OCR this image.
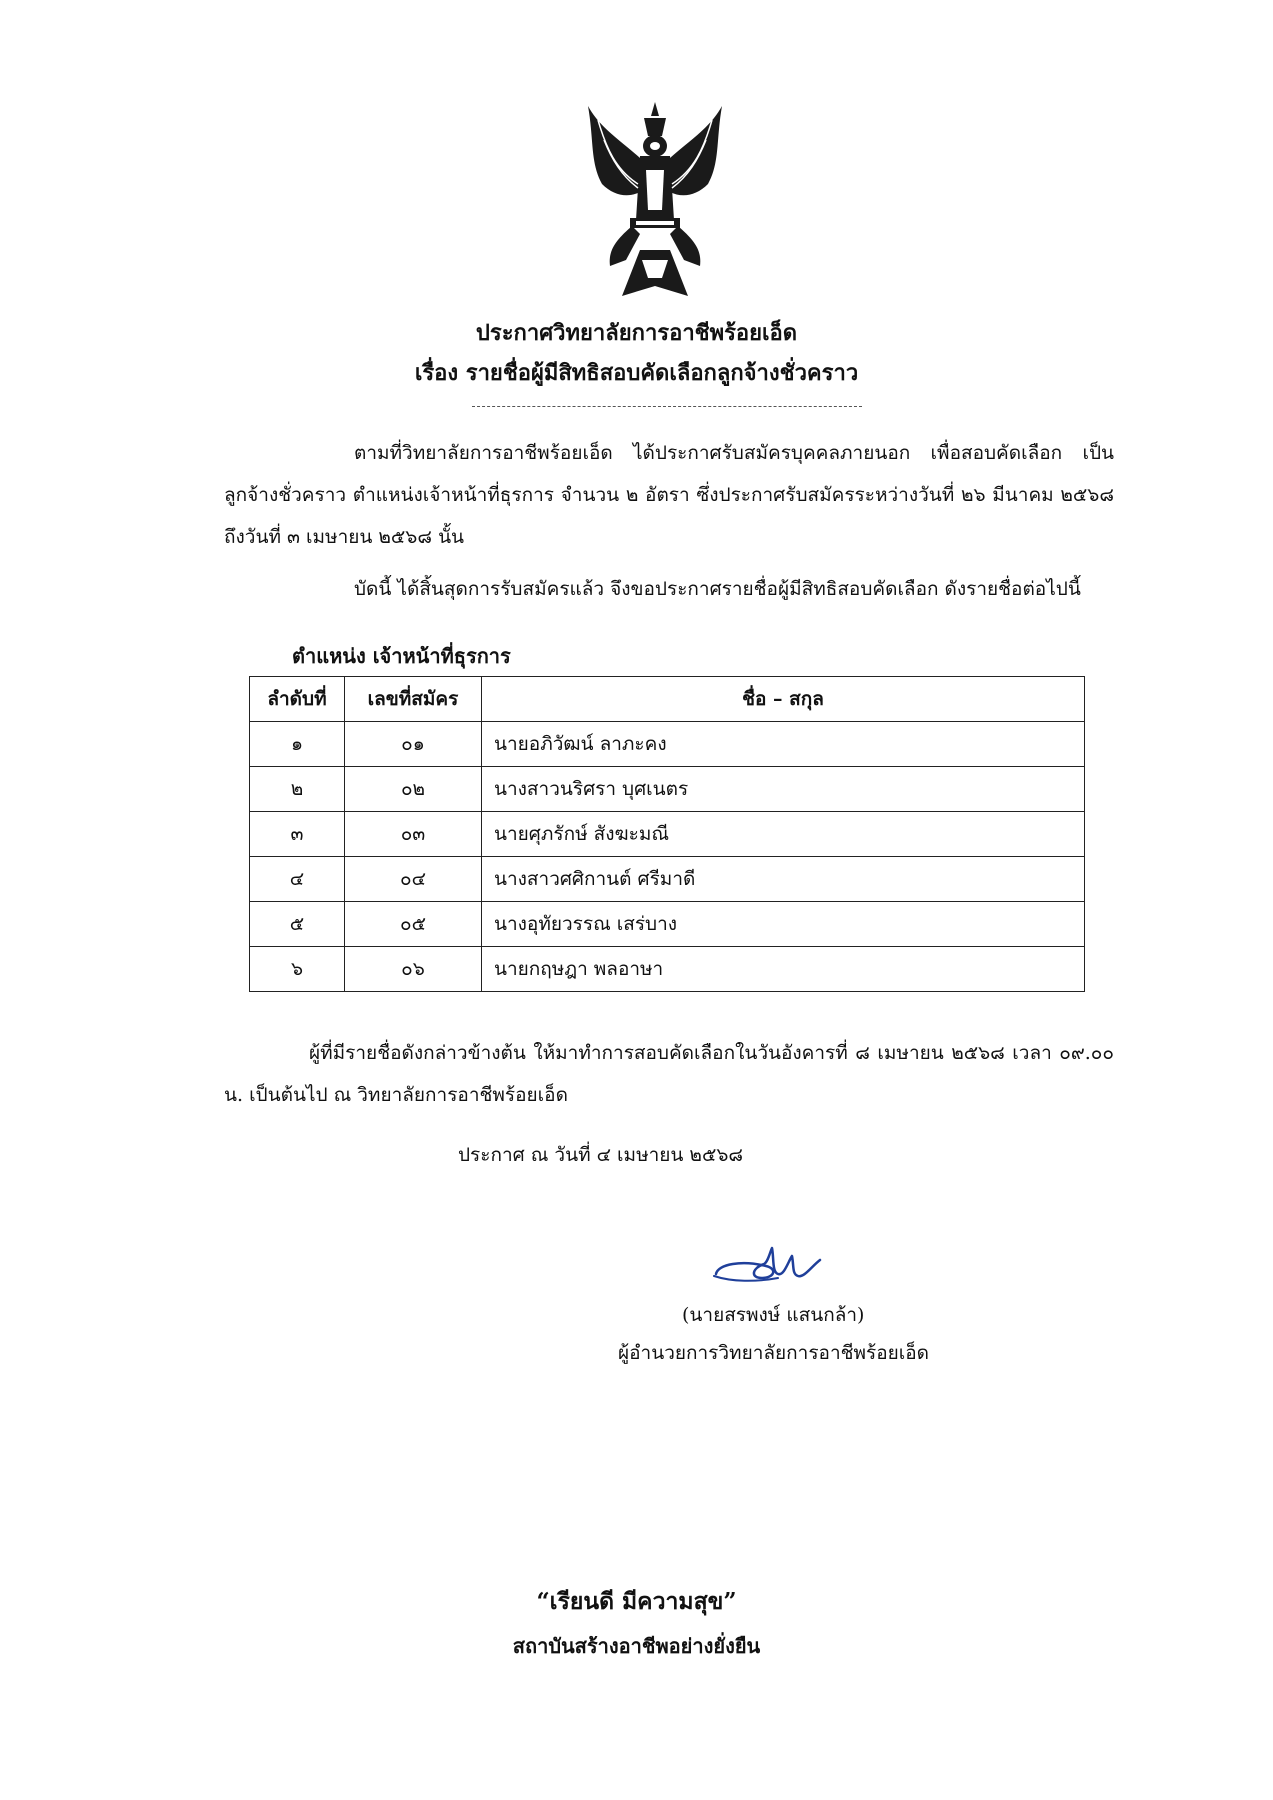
ประกาศวิทยาลัยการอาชีพร้อยเอ็ด
เรื่อง รายชื่อผู้มีสิทธิสอบคัดเลือกลูกจ้างชั่วคราว
ตามที่วิทยาลัยการอาชีพร้อยเอ็ด ได้ประกาศรับสมัครบุคคลภายนอก เพื่อสอบคัดเลือก เป็นลูกจ้างชั่วคราว ตำแหน่งเจ้าหน้าที่ธุรการ จำนวน ๒ อัตรา ซึ่งประกาศรับสมัครระหว่างวันที่ ๒๖ มีนาคม ๒๕๖๘ ถึงวันที่ ๓ เมษายน ๒๕๖๘ นั้น
บัดนี้ ได้สิ้นสุดการรับสมัครแล้ว จึงขอประกาศรายชื่อผู้มีสิทธิสอบคัดเลือก ดังรายชื่อต่อไปนี้
ตำแหน่ง เจ้าหน้าที่ธุรการ
ลำดับที่	เลขที่สมัคร	ชื่อ – สกุล
๑	๐๑	นายอภิวัฒน์ ลาภะคง
๒	๐๒	นางสาวนริศรา บุศเนตร
๓	๐๓	นายศุภรักษ์ สังฆะมณี
๔	๐๔	นางสาวศศิกานต์ ศรีมาดี
๕	๐๕	นางอุทัยวรรณ เสร่บาง
๖	๐๖	นายกฤษฎา พลอาษา
ผู้ที่มีรายชื่อดังกล่าวข้างต้น ให้มาทำการสอบคัดเลือกในวันอังคารที่ ๘ เมษายน ๒๕๖๘ เวลา ๐๙.๐๐ น. เป็นต้นไป ณ วิทยาลัยการอาชีพร้อยเอ็ด
ประกาศ ณ วันที่ ๔ เมษายน ๒๕๖๘
(นายสรพงษ์ แสนกล้า)
ผู้อำนวยการวิทยาลัยการอาชีพร้อยเอ็ด
“เรียนดี มีความสุข”
สถาบันสร้างอาชีพอย่างยั่งยืน
